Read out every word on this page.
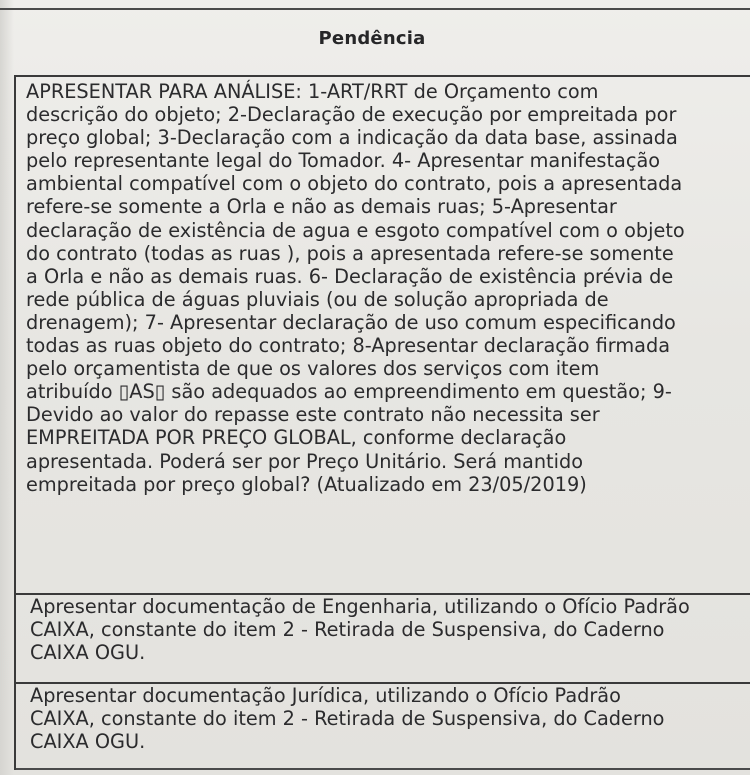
Pendência
APRESENTAR PARA ANÁLISE: 1-ART/RRT de Orçamento com
descrição do objeto; 2-Declaração de execução por empreitada por
preço global; 3-Declaração com a indicação da data base, assinada
pelo representante legal do Tomador. 4- Apresentar manifestação
ambiental compatível com o objeto do contrato, pois a apresentada
refere-se somente a Orla e não as demais ruas; 5-Apresentar
declaração de existência de agua e esgoto compatível com o objeto
do contrato (todas as ruas ), pois a apresentada refere-se somente
a Orla e não as demais ruas. 6- Declaração de existência prévia de
rede pública de águas pluviais (ou de solução apropriada de
drenagem); 7- Apresentar declaração de uso comum especificando
todas as ruas objeto do contrato; 8-Apresentar declaração firmada
pelo orçamentista de que os valores dos serviços com item
atribuído ▯AS▯ são adequados ao empreendimento em questão; 9-
Devido ao valor do repasse este contrato não necessita ser
EMPREITADA POR PREÇO GLOBAL, conforme declaração
apresentada. Poderá ser por Preço Unitário. Será mantido
empreitada por preço global? (Atualizado em 23/05/2019)
Apresentar documentação de Engenharia, utilizando o Ofício Padrão
CAIXA, constante do item 2 - Retirada de Suspensiva, do Caderno
CAIXA OGU.
Apresentar documentação Jurídica, utilizando o Ofício Padrão
CAIXA, constante do item 2 - Retirada de Suspensiva, do Caderno
CAIXA OGU.
